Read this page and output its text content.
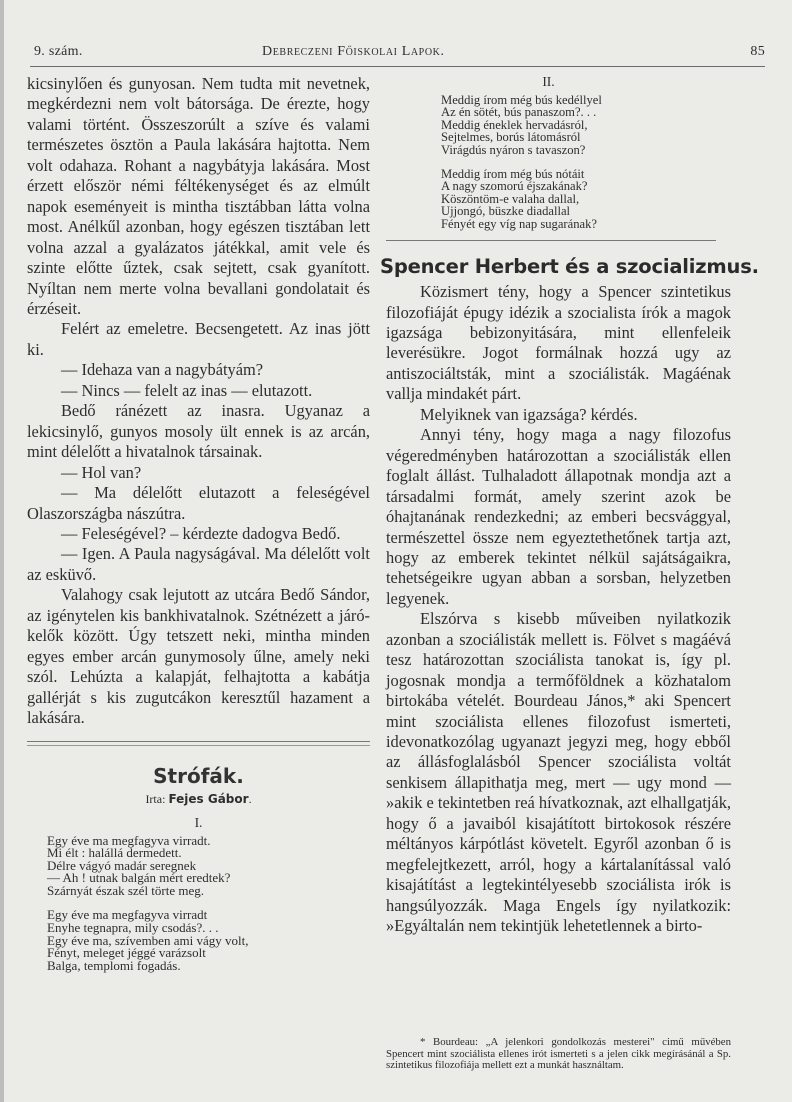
9. szám.	Debreczeni Főiskolai Lapok.	85

kicsinylően és gunyosan. Nem tudta mit nevetnek, megkérdezni nem volt bátorsága. De érezte, hogy valami történt. Összeszorúlt a szíve és valami természetes ösztön a Paula lakására hajtotta. Nem volt odahaza. Rohant a nagybátyja lakására. Most érzett először némi féltékenységet és az elmúlt napok eseményeit is mintha tisztábban látta volna most. Anélkűl azonban, hogy egészen tisztában lett volna azzal a gyalázatos játékkal, amit vele és szinte előtte űztek, csak sejtett, csak gyanított. Nyíltan nem merte volna bevallani gondolatait és érzéseit.

Felért az emeletre. Becsengetett. Az inas jött ki.

— Idehaza van a nagybátyám?

— Nincs — felelt az inas — elutazott.

Bedő ránézett az inasra. Ugyanaz a lekicsinylő, gunyos mosoly ült ennek is az arcán, mint délelőtt a hivatalnok társainak.

— Hol van?

— Ma délelőtt elutazott a feleségével Olaszországba nászútra.

— Feleségével? – kérdezte dadogva Bedő.

— Igen. A Paula nagyságával. Ma délelőtt volt az esküvő.

Valahogy csak lejutott az utcára Bedő Sándor, az igénytelen kis bankhivatalnok. Szétnézett a járó-kelők között. Úgy tetszett neki, mintha minden egyes ember arcán gunymosoly űlne, amely neki szól. Lehúzta a kalapját, felhajtotta a kabátja gallérját s kis zugutcákon keresztűl hazament a lakására.

Strófák.
Irta: Fejes Gábor.
I.
Egy éve ma megfagyva virradt.
Mi élt : halállá dermedett.
Délre vágyó madár seregnek
— Ah ! utnak balgán mért eredtek?
Szárnyát észak szél törte meg.
Egy éve ma megfagyva virradt
Enyhe tegnapra, mily csodás?. . .
Egy éve ma, szívemben ami vágy volt,
Fényt, meleget jéggé varázsolt
Balga, templomi fogadás.
II.
Meddig írom még bús kedéllyel
Az én sötét, bús panaszom?. . .
Meddig éneklek hervadásról,
Sejtelmes, borús látomásról
Virágdús nyáron s tavaszon?
Meddig írom még bús nótáit
A nagy szomorú éjszakának?
Köszöntöm-e valaha dallal,
Ujjongó, büszke diadallal
Fényét egy víg nap sugarának?
Spencer Herbert és a szocializmus.

Közismert tény, hogy a Spencer szintetikus filozofiáját épugy idézik a szocialista írók a magok igazsága bebizonyitására, mint ellenfeleik leverésükre. Jogot formálnak hozzá ugy az antiszociáltsták, mint a szociálisták. Magáénak vallja mindakét párt.

Melyiknek van igazsága? kérdés.

Annyi tény, hogy maga a nagy filozofus végeredményben határozottan a szociálisták ellen foglalt állást. Tulhaladott állapotnak mondja azt a társadalmi formát, amely szerint azok be óhajtanának rendezkedni; az emberi becsvággyal, természettel össze nem egyeztethetőnek tartja azt, hogy az emberek tekintet nélkül sajátságaikra, tehetségeikre ugyan abban a sorsban, helyzetben legyenek.

Elszórva s kisebb műveiben nyilatkozik azonban a szociálisták mellett is. Fölvet s magáévá tesz határozottan szociálista tanokat is, így pl. jogosnak mondja a termőföldnek a közhatalom birtokába vételét. Bourdeau János,* aki Spencert mint szociálista ellenes filozofust ismerteti, idevonatkozólag ugyanazt jegyzi meg, hogy ebből az állásfoglalásból Spencer szociálista voltát senkisem állapithatja meg, mert — ugy mond — »akik e tekintetben reá hívatkoznak, azt elhallgatják, hogy ő a javaiból kisajátított birtokosok részére méltányos kárpótlást követelt. Egyről azonban ő is megfelejtkezett, arról, hogy a kártalanítással való kisajátítást a legtekintélyesebb szociálista irók is hangsúlyozzák. Maga Engels így nyilatkozik: »Egyáltalán nem tekintjük lehetetlennek a birto-

* Bourdeau: „A jelenkori gondolkozás mesterei" cimű művében Spencert mint szociálista ellenes irót ismerteti s a jelen cikk megírásánál a Sp. szintetikus filozofiája mellett ezt a munkát használtam.
